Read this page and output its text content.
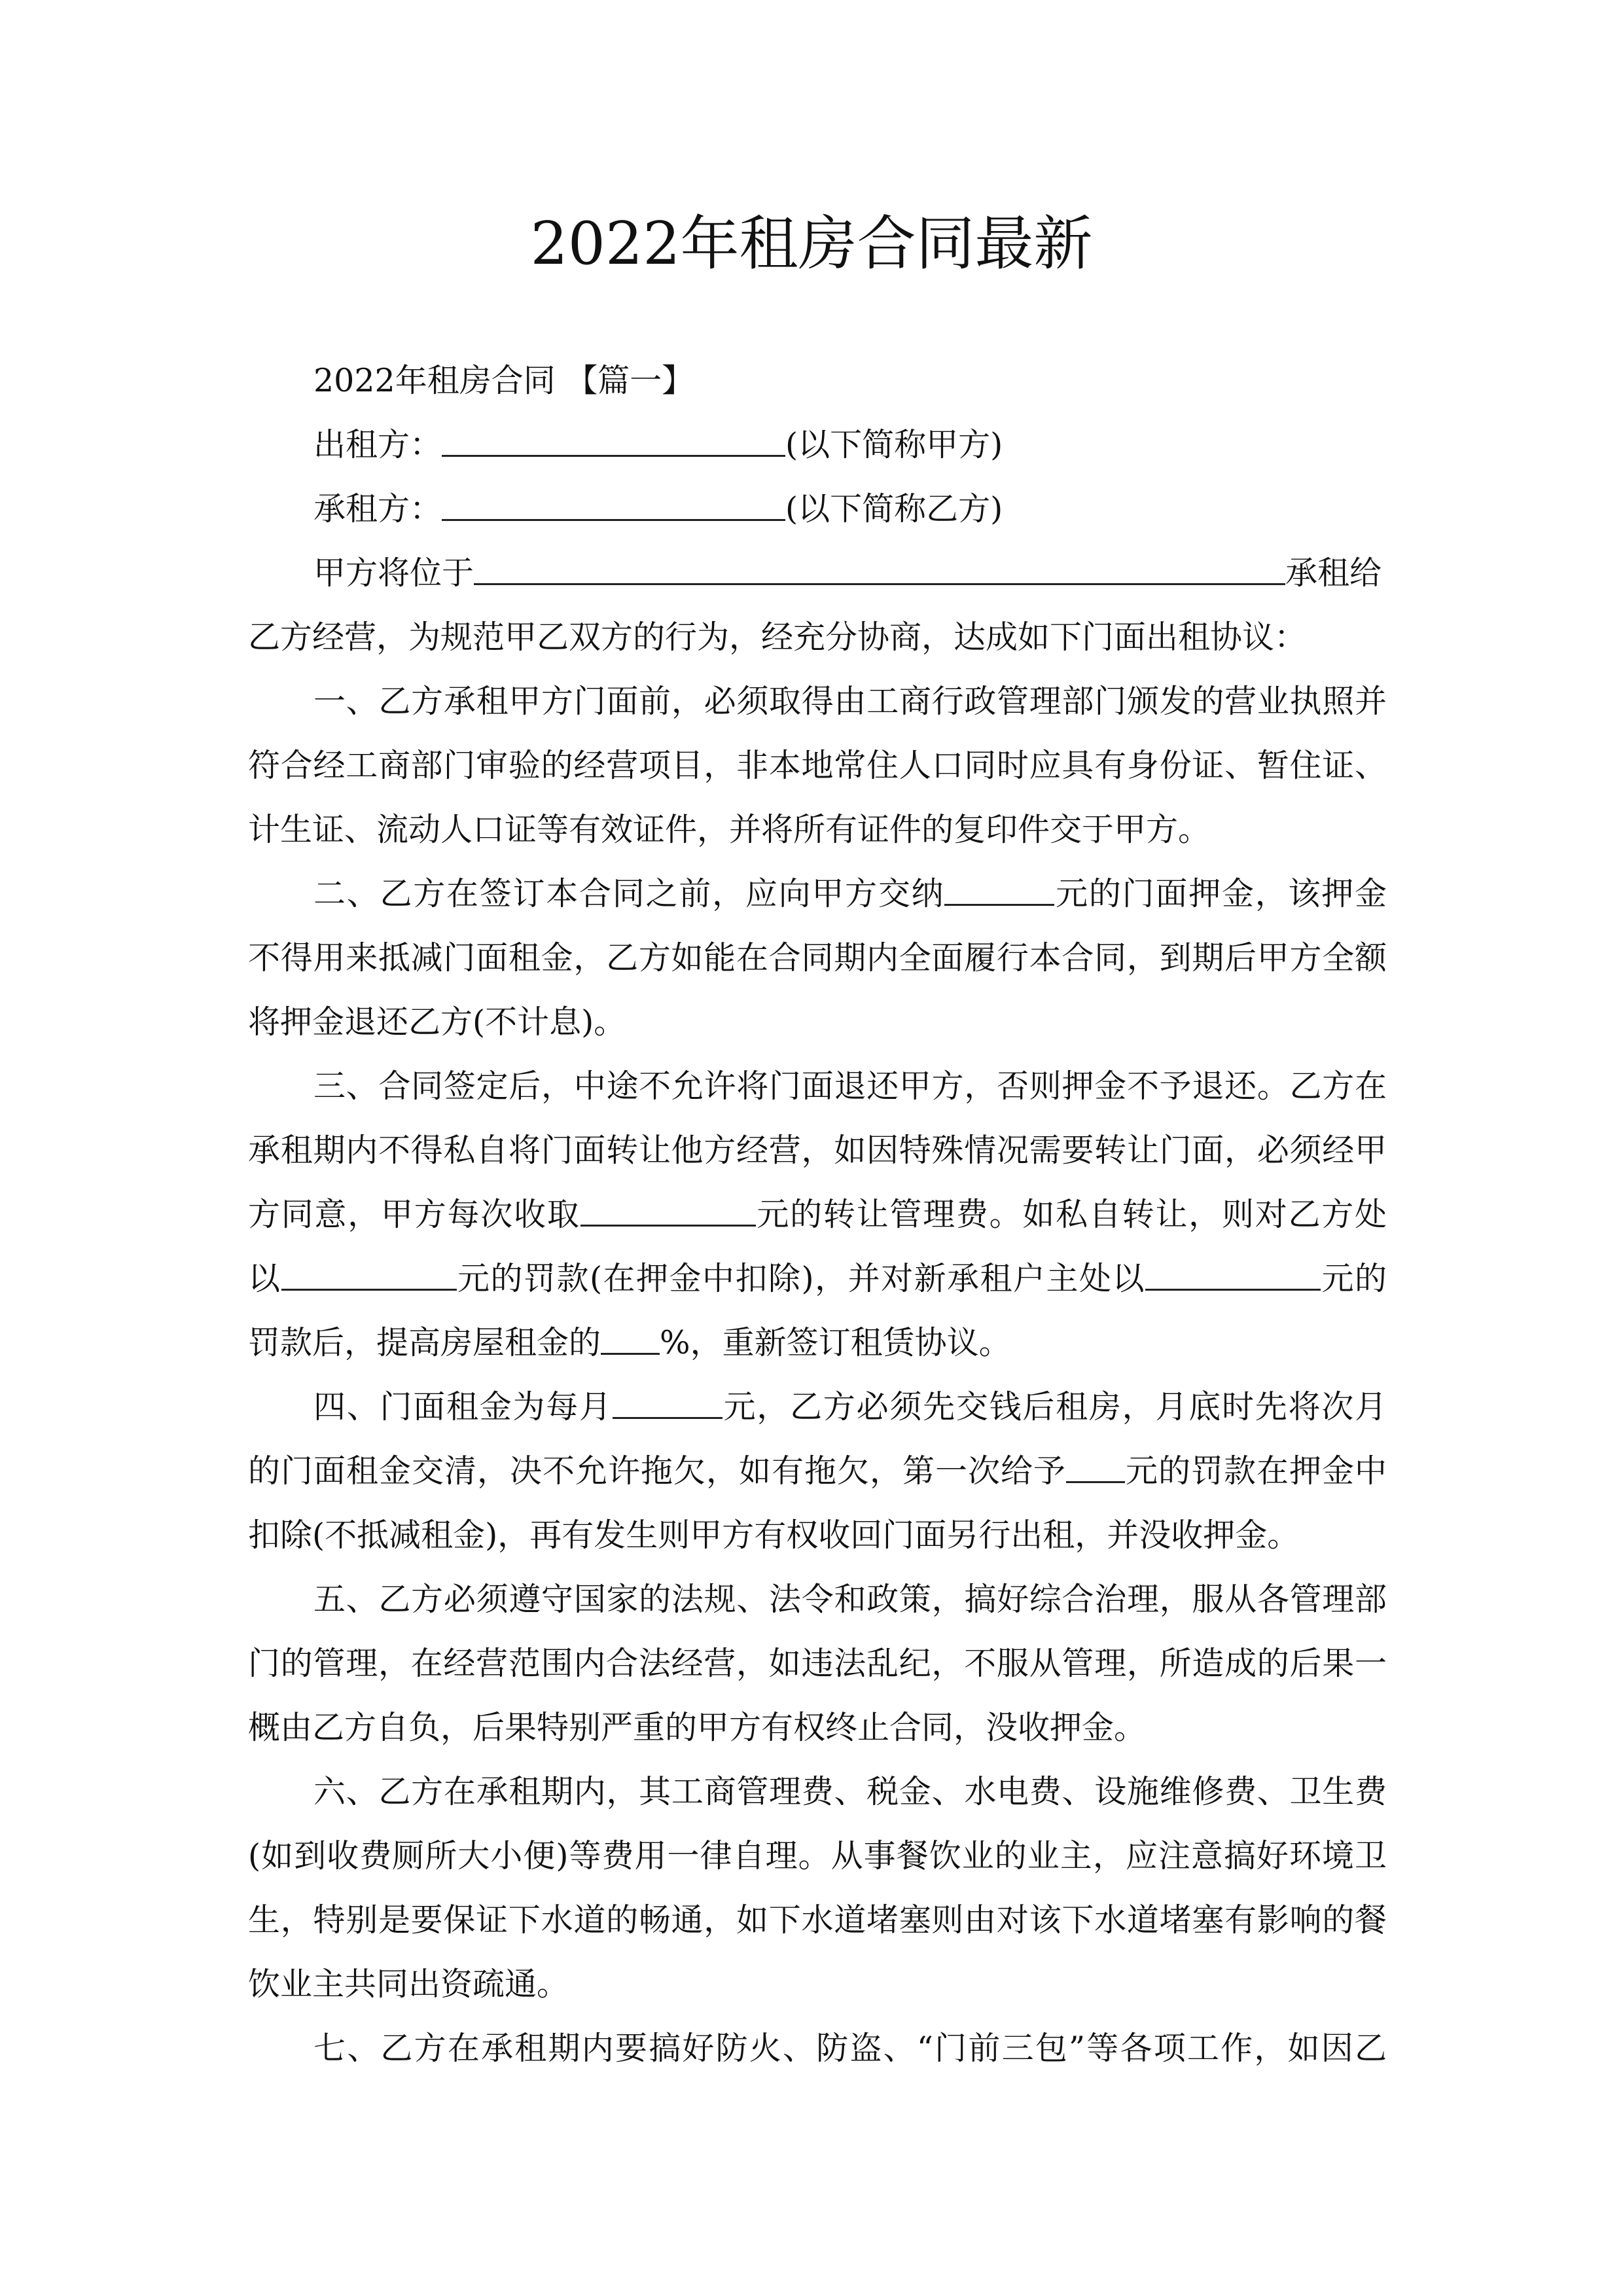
2022年租房合同最新
2022年租房合同 【篇一】
出租方：	(以下简称甲方)
承租方：	(以下简称乙方)
甲方将位于	承租给
乙方经营，为规范甲乙双方的行为，经充分协商，达成如下门面出租协议：
一、乙方承租甲方门面前，必须取得由工商行政管理部门颁发的营业执照并
符合经工商部门审验的经营项目，非本地常住人口同时应具有身份证、暂住证、
计生证、流动人口证等有效证件，并将所有证件的复印件交于甲方。
二、乙方在签订本合同之前，应向甲方交纳	元的门面押金，该押金
不得用来抵减门面租金，乙方如能在合同期内全面履行本合同，到期后甲方全额
将押金退还乙方(不计息)。
三、合同签定后，中途不允许将门面退还甲方，否则押金不予退还。乙方在
承租期内不得私自将门面转让他方经营，如因特殊情况需要转让门面，必须经甲
方同意，甲方每次收取	元的转让管理费。如私自转让，则对乙方处
以	元的罚款(在押金中扣除)，并对新承租户主处以	元的
罚款后，提高房屋租金的 %，重新签订租赁协议。
四、门面租金为每月	元，乙方必须先交钱后租房，月底时先将次月
的门面租金交清，决不允许拖欠，如有拖欠，第一次给予 元的罚款在押金中
扣除(不抵减租金)，再有发生则甲方有权收回门面另行出租，并没收押金。
五、乙方必须遵守国家的法规、法令和政策，搞好综合治理，服从各管理部
门的管理，在经营范围内合法经营，如违法乱纪，不服从管理，所造成的后果一
概由乙方自负，后果特别严重的甲方有权终止合同，没收押金。
六、乙方在承租期内，其工商管理费、税金、水电费、设施维修费、卫生费
(如到收费厕所大小便)等费用一律自理。从事餐饮业的业主，应注意搞好环境卫
生，特别是要保证下水道的畅通，如下水道堵塞则由对该下水道堵塞有影响的餐
饮业主共同出资疏通。
七、乙方在承租期内要搞好防火、防盗、“门前三包”等各项工作，如因乙
